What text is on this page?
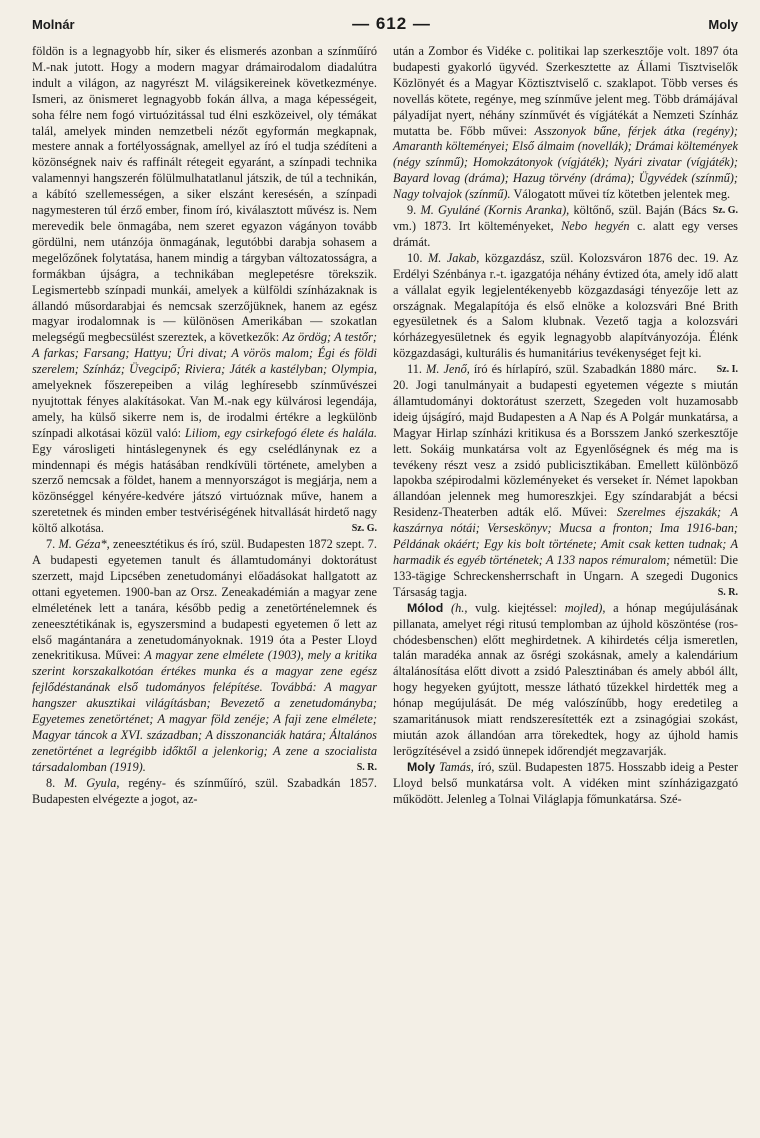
Molnár	— 612 —	Moly

földön is a legnagyobb hír, siker és elismerés azonban a színműíró M.-nak jutott. Hogy a modern magyar drámairodalom diadalútra indult a világon, az nagyrészt M. világsikereinek következménye. Ismeri, az önismeret legnagyobb fokán állva, a maga képességeit, soha félre nem fogó virtuózitással tud élni eszközeivel, oly témákat talál, amelyek minden nemzetbeli nézőt egyformán megkapnak, mestere annak a fortélyosságnak, amellyel az író el tudja szédíteni a közönségnek naiv és raffinált rétegeit egyaránt, a színpadi technika valamennyi hangszerén fölülmulhatatlanul játszik, de túl a technikán, a kábító szellemességen, a siker elszánt keresésén, a színpadi nagymesteren túl érző ember, finom író, kiválasztott művész is. Nem merevedik bele önmagába, nem szeret egyazon vágányon tovább gördülni, nem utánzója önmagának, legutóbbi darabja sohasem a megelőzőnek folytatása, hanem mindig a tárgyban változatosságra, a formákban újságra, a technikában meglepetésre törekszik. Legismertebb színpadi munkái, amelyek a külföldi színházaknak is állandó műsordarabjai és nemcsak szerzőjüknek, hanem az egész magyar irodalomnak is — különösen Amerikában — szokatlan melegségű megbecsülést szereztek, a következők: Az ördög; A testőr; A farkas; Farsang; Hattyu; Úri divat; A vörös malom; Égi és földi szerelem; Színház; Üvegcipő; Riviera; Játék a kastélyban; Olympia, amelyeknek főszerepeiben a világ leghíresebb színművészei nyujtottak fényes alakításokat. Van M.-nak egy külvárosi legendája, amely, ha külső sikerre nem is, de irodalmi értékre a legkülönb színpadi alkotásai közül való: Liliom, egy csirkefogó élete és halála. Egy városligeti hintáslegenynek és egy cselédlánynak ez a mindennapi és mégis hatásában rendkívüli története, amelyben a szerző nemcsak a földet, hanem a mennyországot is megjárja, nem a közönséggel kényére-kedvére játszó virtuóznak műve, hanem a szeretetnek és minden ember testvériségének hitvallását hirdető nagy költő alkotása.	Sz. G.

7. M. Géza*, zeneesztétikus és író, szül. Budapesten 1872 szept. 7. A budapesti egyetemen tanult és államtudományi doktorátust szerzett, majd Lipcsében zenetudományi előadásokat hallgatott az ottani egyetemen. 1900-ban az Orsz. Zeneakadémián a magyar zene elméletének lett a tanára, később pedig a zenetörténelemnek és zeneesztétikának is, egyszersmind a budapesti egyetemen ő lett az első magántanára a zenetudományoknak. 1919 óta a Pester Lloyd zenekritikusa. Művei: A magyar zene elmélete (1903), mely a kritika szerint korszakalkotóan értékes munka és a magyar zene egész fejlődéstanának első tudományos felépítése. Továbbá: A magyar hangszer akusztikai világításban; Bevezető a zenetudományba; Egyetemes zenetörténet; A magyar föld zenéje; A faji zene elmélete; Magyar táncok a XVI. században; A disszonanciák határa; Általános zenetörténet a legrégibb időktől a jelenkorig; A zene a szocialista társadalomban (1919).	S. R.

8. M. Gyula, regény- és színműíró, szül. Szabadkán 1857. Budapesten elvégezte a jogot, az-

után a Zombor és Vidéke c. politikai lap szerkesztője volt. 1897 óta budapesti gyakorló ügyvéd. Szerkesztette az Állami Tisztviselők Közlönyét és a Magyar Köztisztviselő c. szaklapot. Több verses és novellás kötete, regénye, meg színműve jelent meg. Több drámájával pályadíjat nyert, néhány színművét és vígjátékát a Nemzeti Színház mutatta be. Főbb művei: Asszonyok bűne, férjek átka (regény); Amaranth költeményei; Első álmaim (novellák); Drámai költemények (négy színmű); Homokzátonyok (vígjáték); Nyári zivatar (vígjáték); Bayard lovag (dráma); Hazug törvény (dráma); Ügyvédek (színmű); Nagy tolvajok (színmű). Válogatott művei tíz kötetben jelentek meg.
Sz. G.

9. M. Gyuláné (Kornis Aranka), költőnő, szül. Baján (Bács vm.) 1873. Irt költeményeket, Nebo hegyén c. alatt egy verses drámát.

10. M. Jakab, közgazdász, szül. Kolozsváron 1876 dec. 19. Az Erdélyi Szénbánya r.-t. igazgatója néhány évtized óta, amely idő alatt a vállalat egyik legjelentékenyebb közgazdasági tényezője lett az országnak. Megalapítója és első elnöke a kolozsvári Bné Brith egyesületnek és a Salom klubnak. Vezető tagja a kolozsvári kórházegyesületnek és egyik legnagyobb alapítványozója. Élénk közgazdasági, kulturális és humanitárius tevékenységet fejt ki.
Sz. I.

11. M. Jenő, író és hírlapíró, szül. Szabadkán 1880 márc. 20. Jogi tanulmányait a budapesti egyetemen végezte s miután államtudományi doktorátust szerzett, Szegeden volt huzamosabb ideig újságíró, majd Budapesten a A Nap és A Polgár munkatársa, a Magyar Hirlap színházi kritikusa és a Borsszem Jankó szerkesztője lett. Sokáig munkatársa volt az Egyenlőségnek és még ma is tevékeny részt vesz a zsidó publicisztikában. Emellett különböző lapokba szépirodalmi közleményeket és verseket ír. Német lapokban állandóan jelennek meg humoreszkjei. Egy színdarabját a bécsi Residenz-Theaterben adták elő. Művei: Szerelmes éjszakák; A kaszárnya nótái; Verseskönyv; Mucsa a fronton; Ima 1916-ban; Példának okáért; Egy kis bolt története; Amit csak ketten tudnak; A harmadik és egyéb történetek; A 133 napos rémuralom; németül: Die 133-tägige Schreckensherrschaft in Ungarn. A szegedi Dugonics Társaság tagja.	S. R.

Mólod (h., vulg. kiejtéssel: mojled), a hónap megújulásának pillanata, amelyet régi ritusú templomban az újhold köszöntése (ros-chódesbenschen) előtt meghirdetnek. A kihirdetés célja ismeretlen, talán maradéka annak az ősrégi szokásnak, amely a kalendárium általánosítása előtt divott a zsidó Palesztinában és amely abból állt, hogy hegyeken gyújtott, messze látható tűzekkel hirdették meg a hónap megújulását. De még valószínűbb, hogy eredetileg a szamaritánusok miatt rendszeresítették ezt a zsinagógiai szokást, miután azok állandóan arra törekedtek, hogy az újhold hamis lerögzítésével a zsidó ünnepek időrendjét megzavarják.

Moly Tamás, író, szül. Budapesten 1875. Hosszabb ideig a Pester Lloyd belső munkatársa volt. A vidéken mint színházigazgató működött. Jelenleg a Tolnai Világlapja főmunkatársa. Szé-
